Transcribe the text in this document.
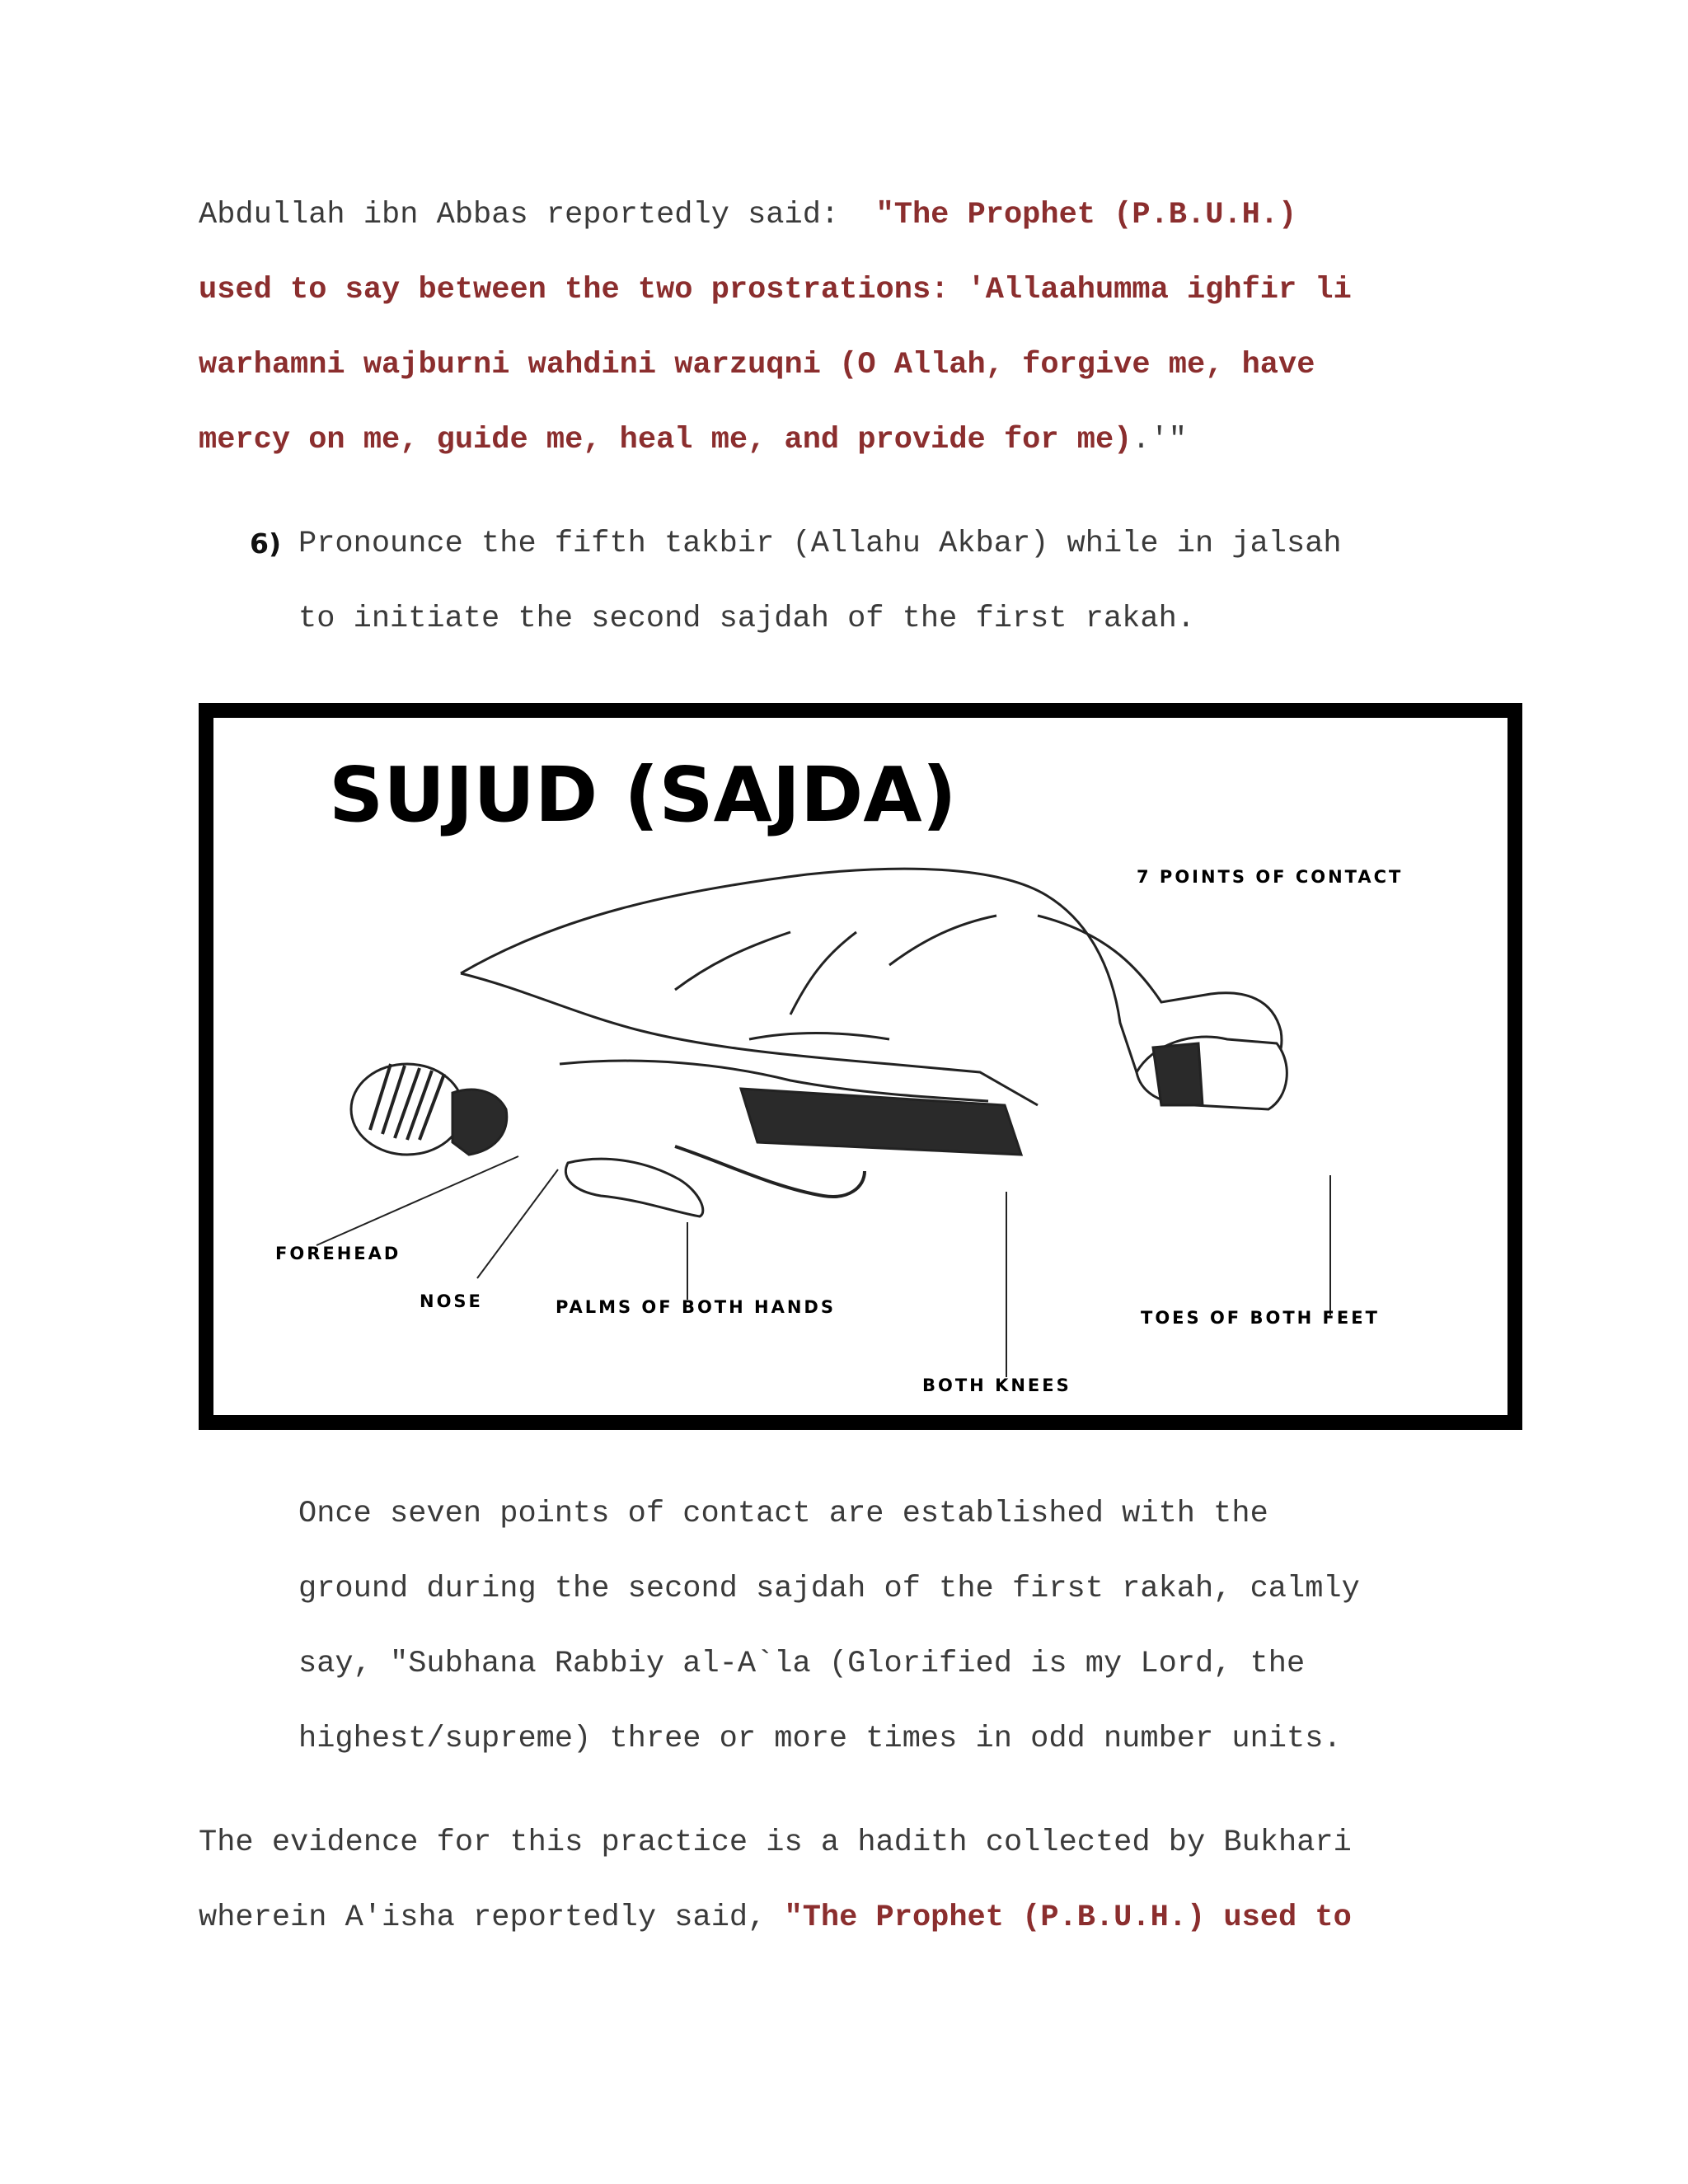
Abdullah ibn Abbas reportedly said:  "The Prophet (P.B.U.H.)
used to say between the two prostrations: 'Allaahumma ighfir li
warhamni wajburni wahdini warzuqni (O Allah, forgive me, have
mercy on me, guide me, heal me, and provide for me).'"
6) Pronounce the fifth takbir (Allahu Akbar) while in jalsah
to initiate the second sajdah of the first rakah.
SUJUD (SAJDA)
7 POINTS OF CONTACT
FOREHEAD
NOSE	PALMS OF BOTH HANDS
TOES OF BOTH FEET
BOTH KNEES
Once seven points of contact are established with the
ground during the second sajdah of the first rakah, calmly
say, "Subhana Rabbiy al-A`la (Glorified is my Lord, the
highest/supreme) three or more times in odd number units.
The evidence for this practice is a hadith collected by Bukhari
wherein A'isha reportedly said, "The Prophet (P.B.U.H.) used to
